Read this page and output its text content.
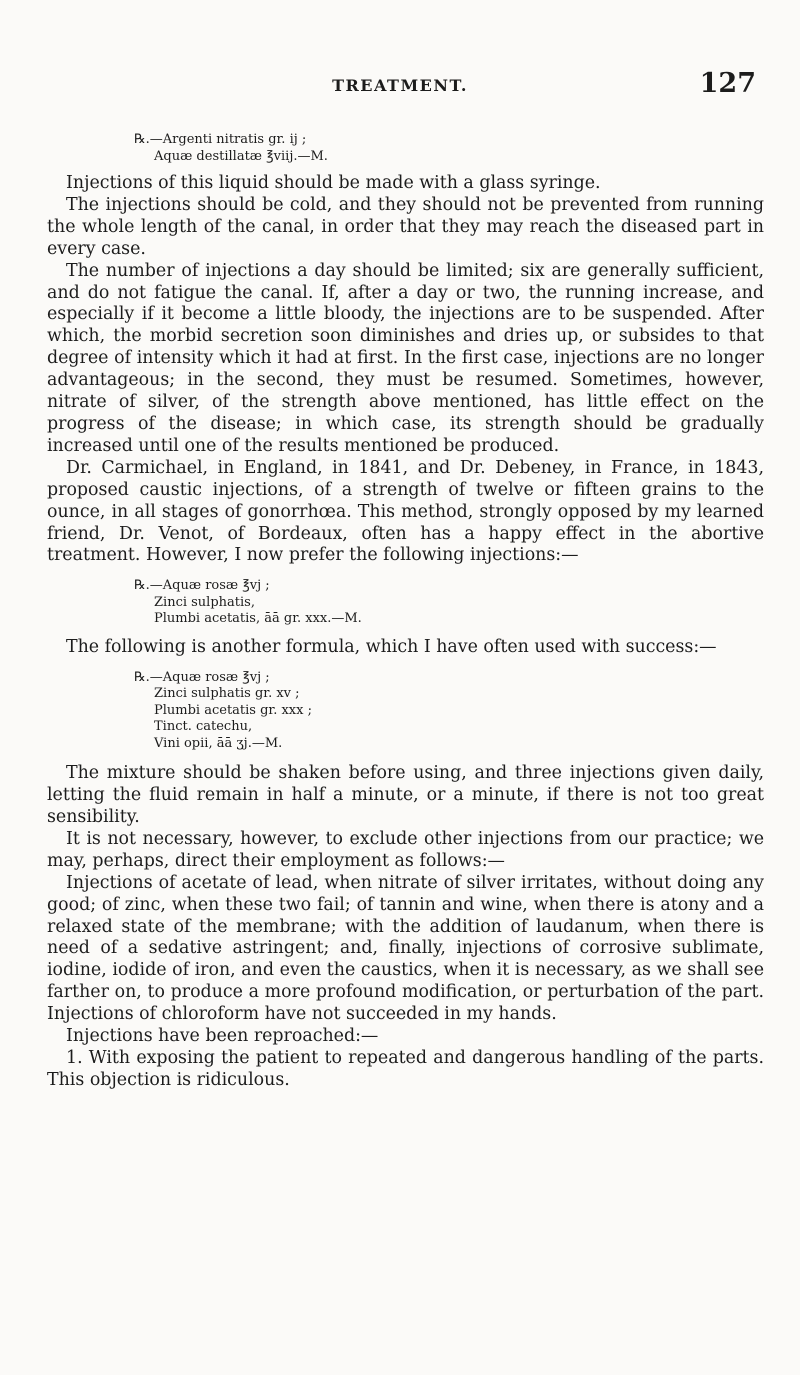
TREATMENT.	127
℞.—Argenti nitratis gr. ij ;
Aquæ destillatæ ℥viij.—M.

Injections of this liquid should be made with a glass syringe.

The injections should be cold, and they should not be prevented from running the whole length of the canal, in order that they may reach the diseased part in every case.

The number of injections a day should be limited; six are generally sufficient, and do not fatigue the canal. If, after a day or two, the running increase, and especially if it become a little bloody, the injections are to be suspended. After which, the morbid secretion soon diminishes and dries up, or subsides to that degree of intensity which it had at first. In the first case, injections are no longer advantageous; in the second, they must be resumed. Sometimes, however, nitrate of silver, of the strength above mentioned, has little effect on the progress of the disease; in which case, its strength should be gradually increased until one of the results mentioned be produced.

Dr. Carmichael, in England, in 1841, and Dr. Debeney, in France, in 1843, proposed caustic injections, of a strength of twelve or fifteen grains to the ounce, in all stages of gonorrhœa. This method, strongly opposed by my learned friend, Dr. Venot, of Bordeaux, often has a happy effect in the abortive treatment. However, I now prefer the following injections:—

℞.—Aquæ rosæ ℥vj ;
Zinci sulphatis,
Plumbi acetatis, āā gr. xxx.—M.

The following is another formula, which I have often used with success:—

℞.—Aquæ rosæ ℥vj ;
Zinci sulphatis gr. xv ;
Plumbi acetatis gr. xxx ;
Tinct. catechu,
Vini opii, āā ʒj.—M.

The mixture should be shaken before using, and three injections given daily, letting the fluid remain in half a minute, or a minute, if there is not too great sensibility.

It is not necessary, however, to exclude other injections from our practice; we may, perhaps, direct their employment as follows:—

Injections of acetate of lead, when nitrate of silver irritates, without doing any good; of zinc, when these two fail; of tannin and wine, when there is atony and a relaxed state of the membrane; with the addition of laudanum, when there is need of a sedative astringent; and, finally, injections of corrosive sublimate, iodine, iodide of iron, and even the caustics, when it is necessary, as we shall see farther on, to produce a more profound modification, or perturbation of the part. Injections of chloroform have not succeeded in my hands.

Injections have been reproached:—

1. With exposing the patient to repeated and dangerous handling of the parts. This objection is ridiculous.
